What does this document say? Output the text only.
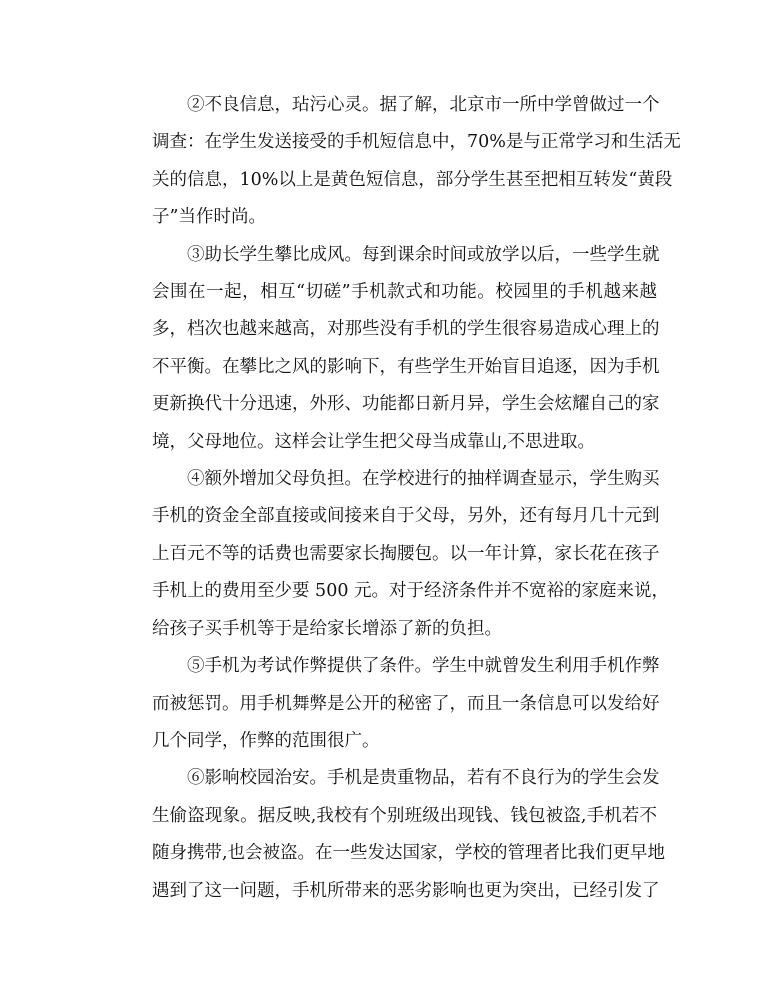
②不良信息，玷污心灵。据了解，北京市一所中学曾做过一个
调查：在学生发送接受的手机短信息中，70%是与正常学习和生活无
关的信息，10%以上是黄色短信息，部分学生甚至把相互转发“黄段
子”当作时尚。
③助长学生攀比成风。每到课余时间或放学以后，一些学生就
会围在一起，相互“切磋”手机款式和功能。校园里的手机越来越
多，档次也越来越高，对那些没有手机的学生很容易造成心理上的
不平衡。在攀比之风的影响下，有些学生开始盲目追逐，因为手机
更新换代十分迅速，外形、功能都日新月异，学生会炫耀自己的家
境，父母地位。这样会让学生把父母当成靠山,不思进取。
④额外增加父母负担。在学校进行的抽样调查显示，学生购买
手机的资金全部直接或间接来自于父母，另外，还有每月几十元到
上百元不等的话费也需要家长掏腰包。以一年计算，家长花在孩子
手机上的费用至少要 500 元。对于经济条件并不宽裕的家庭来说，
给孩子买手机等于是给家长增添了新的负担。
⑤手机为考试作弊提供了条件。学生中就曾发生利用手机作弊
而被惩罚。用手机舞弊是公开的秘密了，而且一条信息可以发给好
几个同学，作弊的范围很广。
⑥影响校园治安。手机是贵重物品，若有不良行为的学生会发
生偷盗现象。据反映,我校有个别班级出现钱、钱包被盗,手机若不
随身携带,也会被盗。在一些发达国家，学校的管理者比我们更早地
遇到了这一问题，手机所带来的恶劣影响也更为突出，已经引发了
